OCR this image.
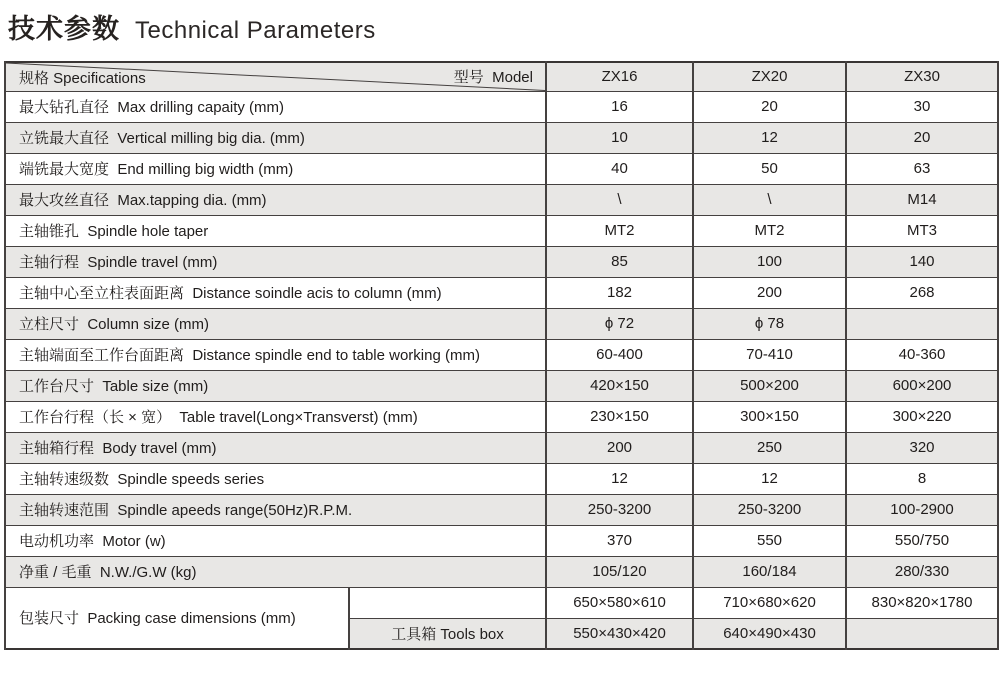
技术参数 Technical Parameters
规格 Specifications 型号  Model		ZX16	ZX20	ZX30
最大钻孔直径  Max drilling capaity (mm)		16	20	30
立铣最大直径  Vertical milling big dia. (mm)		10	12	20
端铣最大宽度  End milling big width (mm)		40	50	63
最大攻丝直径  Max.tapping dia. (mm)		\	\	M14
主轴锥孔  Spindle hole taper		MT2	MT2	MT3
主轴行程  Spindle travel (mm)		85	100	140
主轴中心至立柱表面距离  Distance soindle acis to column (mm)		182	200	268
立柱尺寸  Column size (mm)		ϕ 72	ϕ 78	
主轴端面至工作台面距离  Distance spindle end to table working (mm)		60-400	70-410	40-360
工作台尺寸  Table size (mm)		420×150	500×200	600×200
工作台行程（长 × 宽）  Table travel(Long×Transverst) (mm)		230×150	300×150	300×220
主轴箱行程  Body travel (mm)		200	250	320
主轴转速级数  Spindle speeds series		12	12	8
主轴转速范围  Spindle apeeds range(50Hz)R.P.M.		250-3200	250-3200	100-2900
电动机功率  Motor (w)		370	550	550/750
净重 / 毛重  N.W./G.W (kg)		105/120	160/184	280/330
包装尺寸  Packing case dimensions (mm)		650×580×610	710×680×620	830×820×1780
	工具箱 Tools box	550×430×420	640×490×430	
